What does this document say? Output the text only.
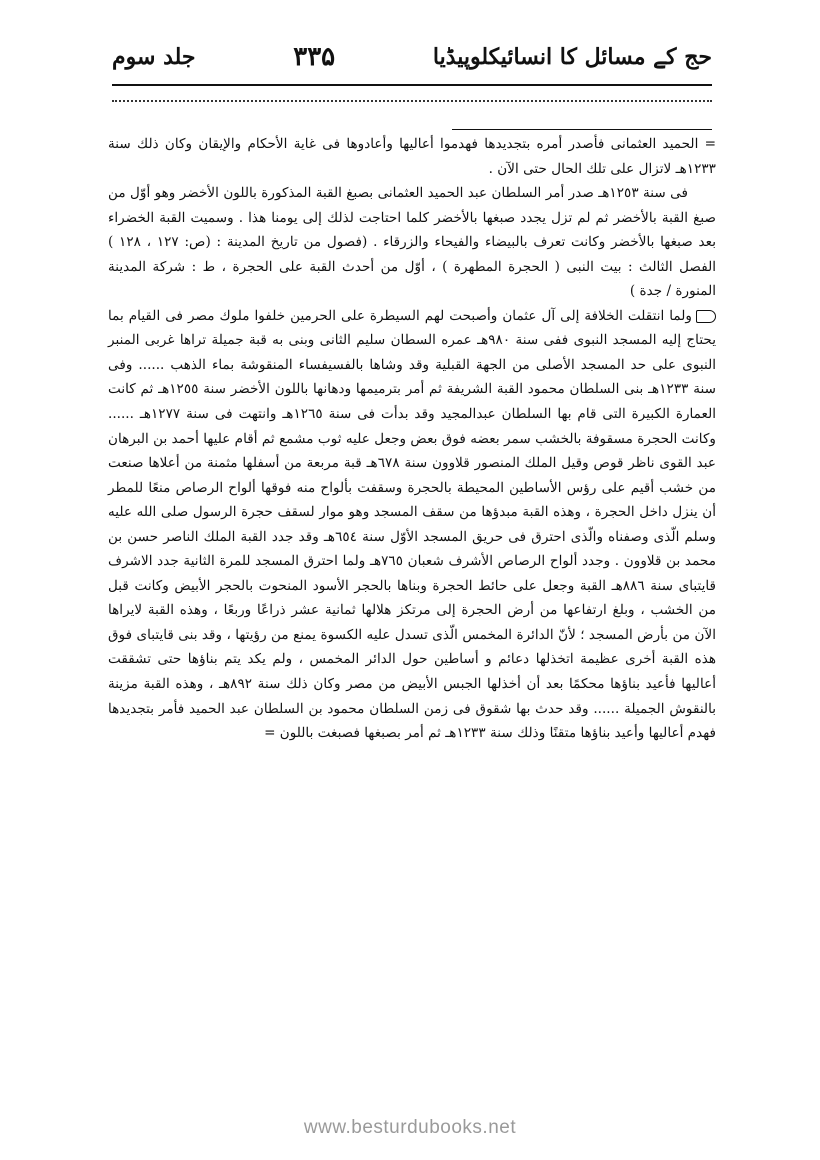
حج کے مسائل کا انسائیکلوپیڈیا
۳۳۵
جلد سوم

= الحميد العثمانى فأصدر أمره بتجديدها فهدموا أعاليها وأعادوها فى غاية الأحكام والإيقان وكان ذلك سنة ١٢٣٣هـ لاتزال على تلك الحال حتى الآن .

فى سنة ١٢٥٣هـ صدر أمر السلطان عبد الحميد العثمانى بصبغ القبة المذكورة باللون الأخضر وهو أوّل من صبغ القبة بالأخضر ثم لم تزل يجدد صبغها بالأخضر كلما احتاجت لذلك إلى يومنا هذا . وسميت القبة الخضراء بعد صبغها بالأخضر وكانت تعرف بالبيضاء والفيحاء والزرقاء . (فصول من تاريخ المدينة : (ص: ١٢٧ ، ١٢٨ ) الفصل الثالث : بيت النبى ( الحجرة المطهرة ) ، أوّل من أحدث القبة على الحجرة ، ط : شركة المدينة المنورة / جدة )

ولما انتقلت الخلافة إلى آل عثمان وأصبحت لهم السيطرة على الحرمين خلفوا ملوك مصر فى القيام بما يحتاج إليه المسجد النبوى ففى سنة ٩٨٠هـ عمره السطان سليم الثانى وبنى به قبة جميلة تراها غربى المنبر النبوى على حد المسجد الأصلى من الجهة القبلية وقد وشاها بالفسيفساء المنقوشة بماء الذهب ...... وفى سنة ١٢٣٣هـ بنى السلطان محمود القبة الشريفة ثم أمر بترميمها ودهانها باللون الأخضر سنة ١٢٥٥هـ ثم كانت العمارة الكبيرة التى قام بها السلطان عبدالمجيد وقد بدأت فى سنة ١٢٦٥هـ وانتهت فى سنة ١٢٧٧هـ ...... وكانت الحجرة مسقوفة بالخشب سمر بعضه فوق بعض وجعل عليه ثوب مشمع ثم أقام عليها أحمد بن البرهان عبد القوى ناظر قوص وقيل الملك المنصور قلاوون سنة ٦٧٨هـ قبة مربعة من أسفلها مثمنة من أعلاها صنعت من خشب أقيم على رؤس الأساطين المحيطة بالحجرة وسقفت بألواح منه فوقها ألواح الرصاص منعًا للمطر أن ينزل داخل الحجرة ، وهذه القبة مبدؤها من سقف المسجد وهو موار لسقف حجرة الرسول صلى الله عليه وسلم الّذى وصفناه والّذى احترق فى حريق المسجد الأوّل سنة ٦٥٤هـ وقد جدد القبة الملك الناصر حسن بن محمد بن قلاوون . وجدد ألواح الرصاص الأشرف شعبان ٧٦٥هـ ولما احترق المسجد للمرة الثانية جدد الاشرف قايتباى سنة ٨٨٦هـ القبة وجعل على حائط الحجرة وبناها بالحجر الأسود المنحوت بالحجر الأبيض وكانت قبل من الخشب ، وبلغ ارتفاعها من أرض الحجرة إلى مرتكز هلالها ثمانية عشر ذراعًا وربعًا ، وهذه القبة لايراها الآن من بأرض المسجد ؛ لأنّ الدائرة المخمس الّذى تسدل عليه الكسوة يمنع من رؤيتها ، وقد بنى قايتباى فوق هذه القبة أخرى عظيمة اتخذلها دعائم و أساطين حول الدائر المخمس ، ولم يكد يتم بناؤها حتى تشققت أعاليها فأعيد بناؤها محكمًا بعد أن أخذلها الجبس الأبيض من مصر وكان ذلك سنة ٨٩٢هـ ، وهذه القبة مزينة بالنقوش الجميلة ...... وقد حدث بها شقوق فى زمن السلطان محمود بن السلطان عبد الحميد فأمر بتجديدها فهدم أعاليها وأعيد بناؤها متقنًا وذلك سنة ١٢٣٣هـ ثم أمر بصبغها فصبغت باللون =

www.besturdubooks.net
